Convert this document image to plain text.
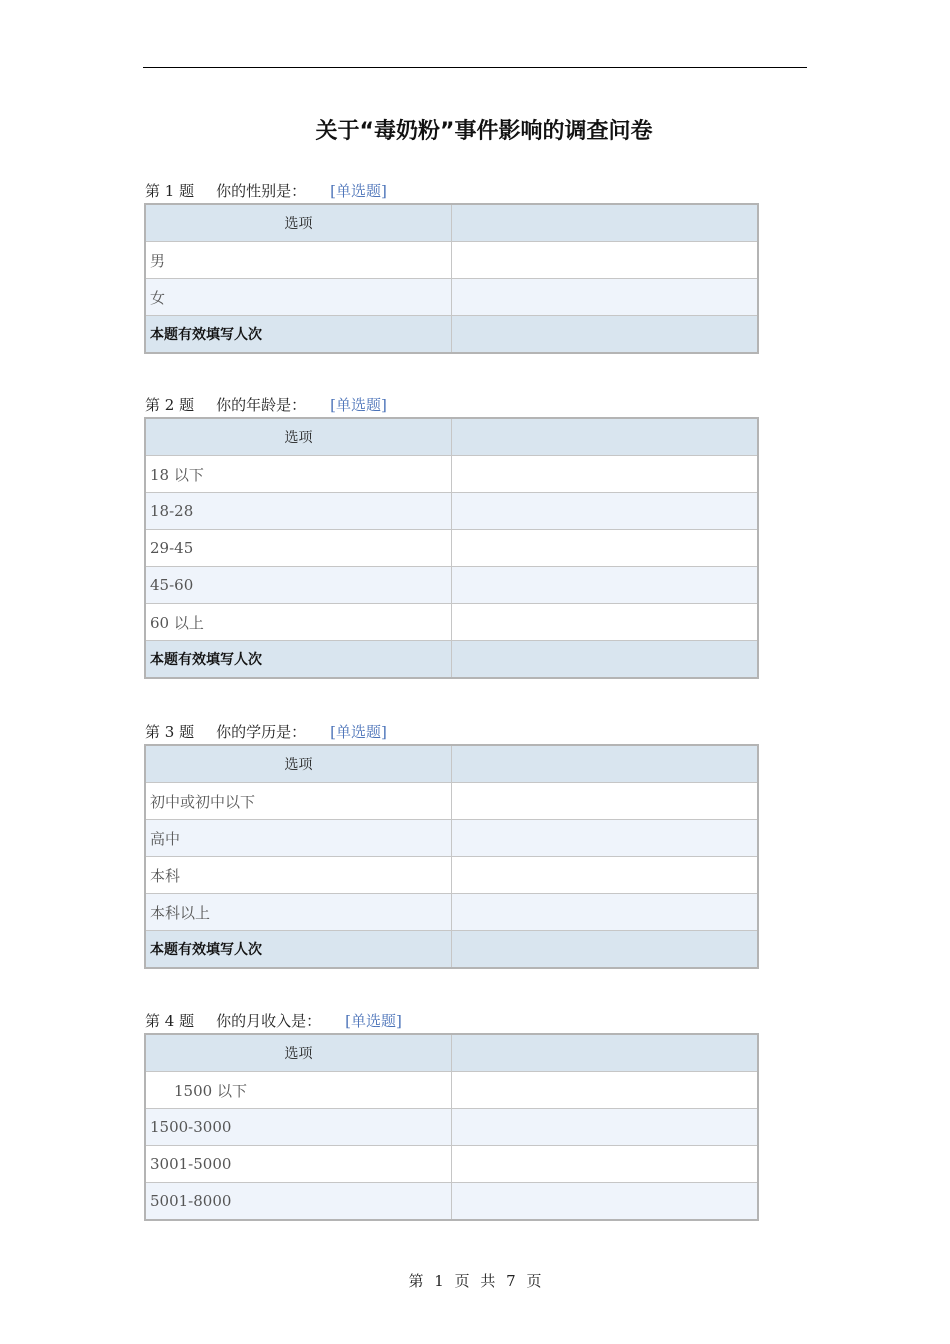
关于“毒奶粉”事件影响的调查问卷
第 1 题 你的性别是： [单选题]
选项	
男	
女	
本题有效填写人次	
第 2 题 你的年龄是： [单选题]
选项	
18 以下	
18-28	
29-45	
45-60	
60 以上	
本题有效填写人次	
第 3 题 你的学历是： [单选题]
选项	
初中或初中以下	
高中	
本科	
本科以上	
本题有效填写人次	
第 4 题 你的月收入是： [单选题]
选项	
1500 以下	
1500-3000	
3001-5000	
5001-8000	
第 1 页 共 7 页
